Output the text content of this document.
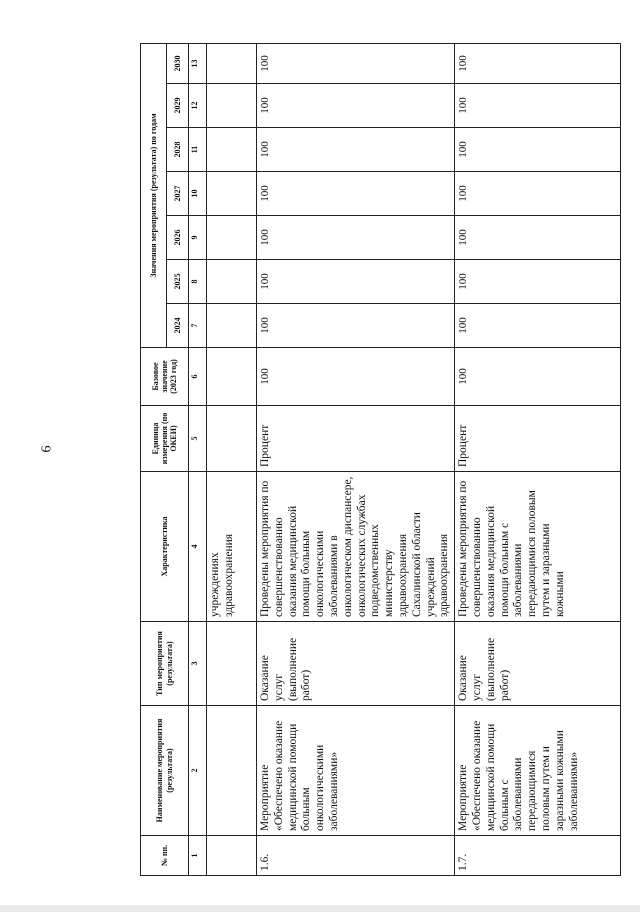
6
№ пп.	Наименование мероприятия (результата)	Тип мероприятия (результата)	Характеристика	Единица измерения (по ОКЕИ)	Базовое значение (2023 год)	Значения мероприятия (результата) по годам						
						2024	2025	2026	2027	2028	2029	2030
1	2	3	4	5	6	7	8	9	10	11	12	13
			учреждениях здравоохранения									
1.6.	Мероприятие «Обеспечено оказание медицинской помощи больным онкологическими заболеваниями»	Оказание услуг (выполнение работ)	Проведены мероприятия по совершенствованию оказания медицинской помощи больным онкологическими заболеваниями в онкологическом диспансере, онкологических службах подведомственных министерству здравоохранения Сахалинской области учреждений здравоохранения	Процент	100	100	100	100	100	100	100	100
1.7.	Мероприятие «Обеспечено оказание медицинской помощи больным с заболеваниями передающимися половым путем и заразными кожными заболеваниями»	Оказание услуг (выполнение работ)	Проведены мероприятия по совершенствованию оказания медицинской помощи больным с заболеваниями передающимися половым путем и заразными кожными	Процент	100	100	100	100	100	100	100	100
